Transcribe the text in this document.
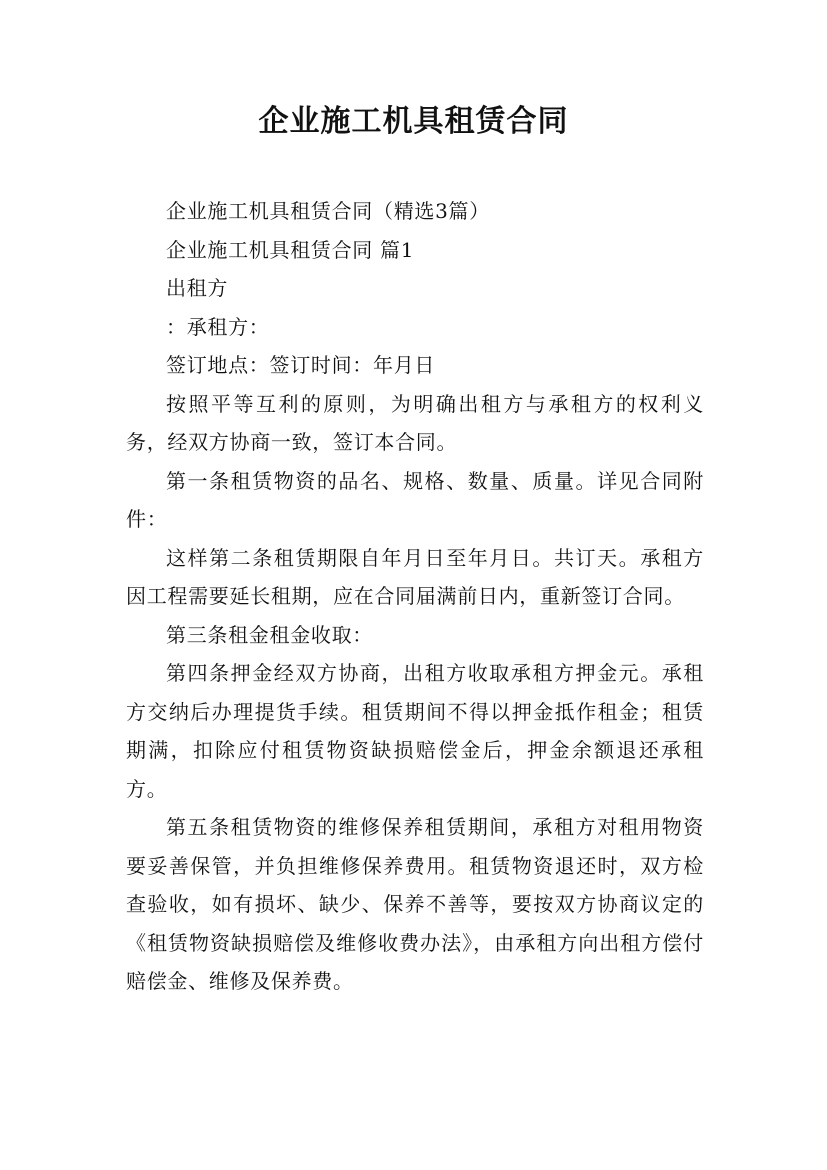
企业施工机具租赁合同

企业施工机具租赁合同（精选3篇）

企业施工机具租赁合同 篇1

出租方

：承租方：

签订地点：签订时间：年月日

按照平等互利的原则，为明确出租方与承租方的权利义务，经双方协商一致，签订本合同。

第一条租赁物资的品名、规格、数量、质量。详见合同附件：

这样第二条租赁期限自年月日至年月日。共订天。承租方因工程需要延长租期，应在合同届满前日内，重新签订合同。

第三条租金租金收取：

第四条押金经双方协商，出租方收取承租方押金元。承租方交纳后办理提货手续。租赁期间不得以押金抵作租金；租赁期满，扣除应付租赁物资缺损赔偿金后，押金余额退还承租方。

第五条租赁物资的维修保养租赁期间，承租方对租用物资要妥善保管，并负担维修保养费用。租赁物资退还时，双方检查验收，如有损坏、缺少、保养不善等，要按双方协商议定的《租赁物资缺损赔偿及维修收费办法》，由承租方向出租方偿付赔偿金、维修及保养费。
